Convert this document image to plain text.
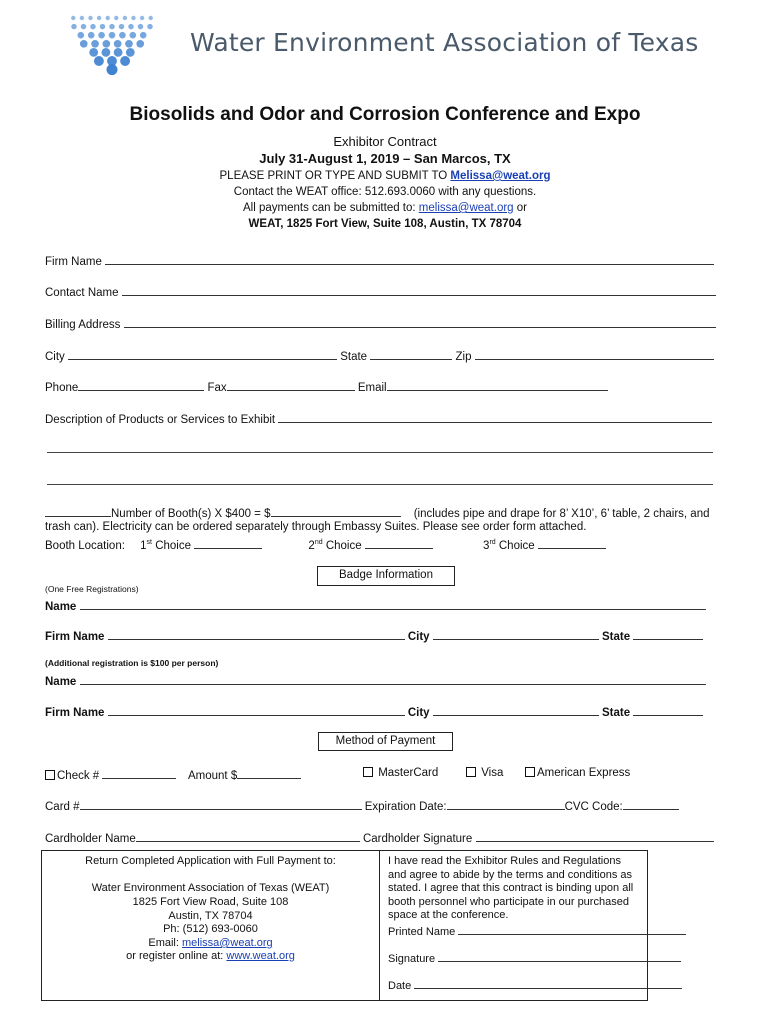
Water Environment Association of Texas
Biosolids and Odor and Corrosion Conference and Expo
Exhibitor Contract
July 31-August 1, 2019 – San Marcos, TX
PLEASE PRINT OR TYPE AND SUBMIT TO Melissa@weat.org
Contact the WEAT office: 512.693.0060 with any questions.
All payments can be submitted to: melissa@weat.org or
WEAT, 1825 Fort View, Suite 108, Austin, TX 78704
Firm Name
Contact Name
Billing Address
City	State	Zip
Phone	Fax	Email
Description of Products or Services to Exhibit
Number of Booth(s) X $400 = $	(includes pipe and drape for 8’ X10’, 6’ table, 2 chairs, and
trash can). Electricity can be ordered separately through Embassy Suites. Please see order form attached.
Booth Location: 1st Choice	2nd Choice	3rd Choice
Badge Information
(One Free Registrations)
Name
Firm Name	City	State
(Additional registration is $100 per person)
Name
Firm Name	City	State
Method of Payment
Check #	Amount $	MasterCard	Visa	American Express
Card #	Expiration Date:	CVC Code:
Cardholder Name	Cardholder Signature
Return Completed Application with Full Payment to:
Water Environment Association of Texas (WEAT)
1825 Fort View Road, Suite 108
Austin, TX 78704
Ph: (512) 693-0060
Email: melissa@weat.org
or register online at: www.weat.org
I have read the Exhibitor Rules and Regulations and agree to abide by the terms and conditions as stated. I agree that this contract is binding upon all booth personnel who participate in our purchased space at the conference.
Printed Name
Signature
Date
